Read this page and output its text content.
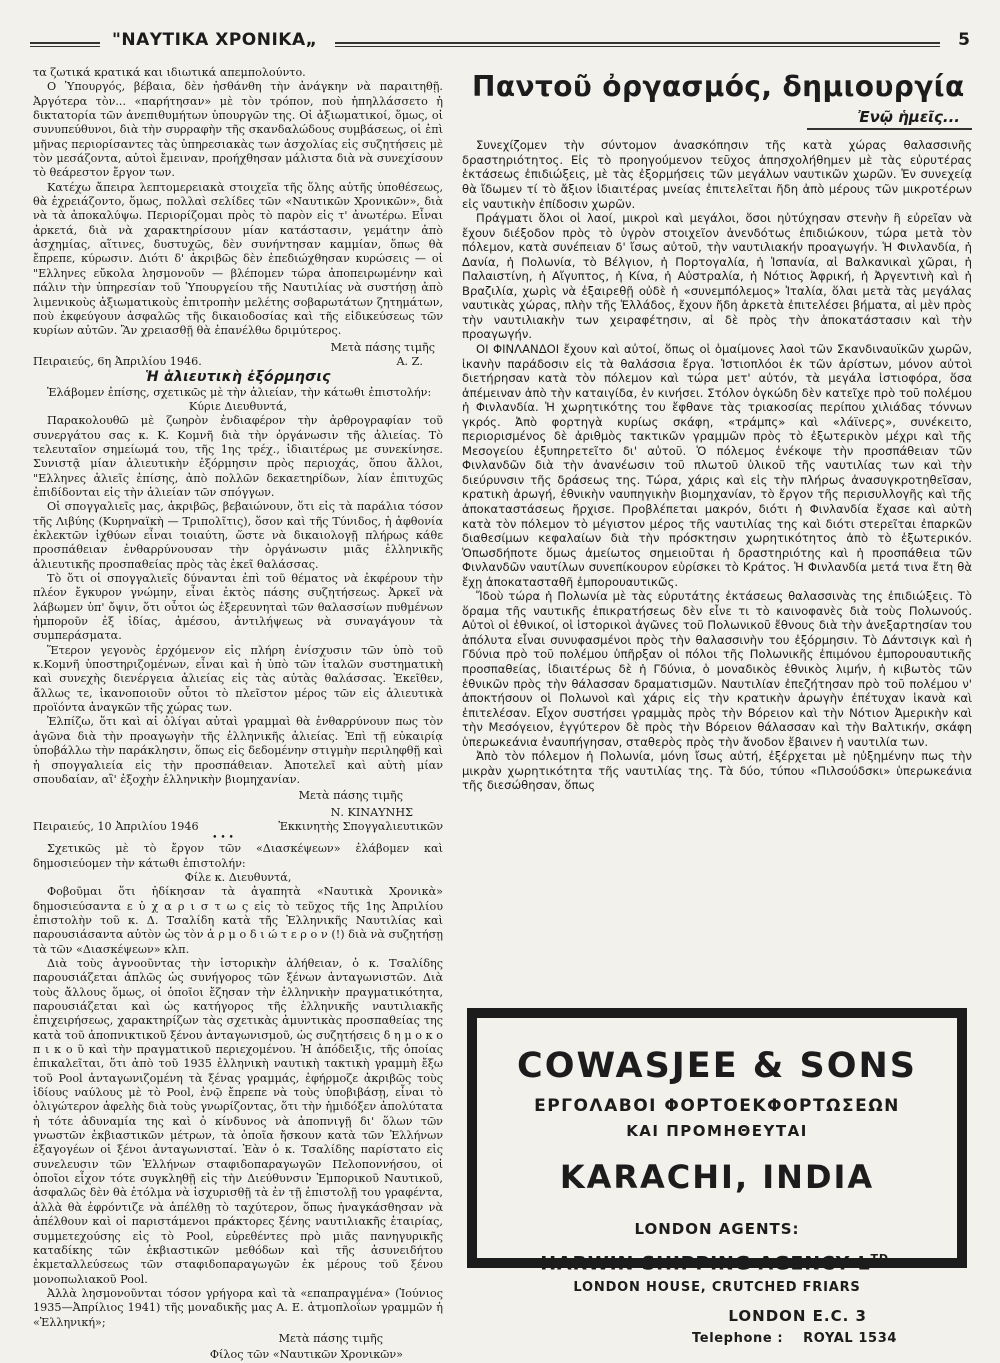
"ΝΑΥΤΙΚΑ ΧΡΟΝΙΚΑ„	5

τα ζωτικά κρατικά και ιδιωτικά απεμπολούντο.

Ο Ὑπουργός, βέβαια, δὲν ἠσθάνθη τὴν ἀνάγκην νὰ παραιτηθῇ. Ἀργότερα τὸν... «παρήτησαν» μὲ τὸν τρόπον, ποὺ ἠπηλλάσσετο ἡ δικτατορία τῶν ἀνεπιθυμήτων ὑπουργῶν της. Οἱ ἀξιωματικοί, ὅμως, οἱ συνυπεύθυνοι, διὰ τὴν συρραφὴν τῆς σκανδαλώδους συμβάσεως, οἱ ἐπὶ μῆνας περιορίσαντες τὰς ὑπηρεσιακὰς των ἀσχολίας εἰς συζητήσεις μὲ τὸν μεσάζοντα, αὐτοὶ ἔμειναν, προήχθησαν μάλιστα διὰ νὰ συνεχίσουν τὸ θεάρεστον ἔργον των.

Κατέχω ἄπειρα λεπτομερειακὰ στοιχεῖα τῆς ὅλης αὐτῆς ὑποθέσεως, θὰ ἐχρειάζοντο, ὅμως, πολλαὶ σελίδες τῶν «Ναυτικῶν Χρονικῶν», διὰ νὰ τὰ ἀποκαλύψω. Περιορίζομαι πρὸς τὸ παρὸν εἰς τ' ἀνωτέρω. Εἶναι ἀρκετά, διὰ νὰ χαρακτηρίσουν μίαν κατάστασιν, γεμάτην ἀπὸ ἀσχημίας, αἵτινες, δυστυχῶς, δὲν συνήντησαν καμμίαν, ὅπως θὰ ἔπρεπε, κύρωσιν. Διότι δ' ἀκριβῶς δὲν ἐπεδιώχθησαν κυρώσεις — οἱ "Ελληνες εὔκολα λησμονοῦν — βλέπομεν τώρα ἀποπειρωμένην καὶ πάλιν τὴν ὑπηρεσίαν τοῦ Ὑπουργείου τῆς Ναυτιλίας νὰ συστήσῃ ἀπὸ λιμενικοὺς ἀξιωματικοὺς ἐπιτροπὴν μελέτης σοβαρωτάτων ζητημάτων, ποὺ ἐκφεύγουν ἀσφαλῶς τῆς δικαιοδοσίας καὶ τῆς εἰδικεύσεως τῶν κυρίων αὐτῶν. Ἂν χρειασθῇ θὰ ἐπανέλθω δριμύτερος.

Μετὰ πάσης τιμῆς
Πειραιεύς, 6η Ἀπριλίου 1946.	Α. Ζ.
Ἡ ἁλιευτικὴ ἐξόρμησις

Ἐλάβομεν ἐπίσης, σχετικῶς μὲ τὴν ἁλιείαν, τὴν κάτωθι ἐπιστολήν:

Κύριε Διευθυντά,

Παρακολουθῶ μὲ ζωηρὸν ἐνδιαφέρον τὴν ἀρθρογραφίαν τοῦ συνεργάτου σας κ. Κ. Κομνῆ διὰ τὴν ὀργάνωσιν τῆς ἁλιείας. Τὸ τελευταῖον σημείωμά του, τῆς 1ης τρέχ., ἰδιαιτέρως με συνεκίνησε. Συνιστᾷ μίαν ἁλιευτικὴν ἐξόρμησιν πρὸς περιοχάς, ὅπου ἄλλοι, "Ελληνες ἁλιεῖς ἐπίσης, ἀπὸ πολλῶν δεκαετηρίδων, λίαν ἐπιτυχῶς ἐπιδίδονται εἰς τὴν ἁλιείαν τῶν σπόγγων.

Οἱ σπογγαλιεῖς μας, ἀκριβῶς, βεβαιώνουν, ὅτι εἰς τὰ παράλια τόσον τῆς Λιβύης (Κυρηναϊκὴ — Τριπολῖτις), ὅσον καὶ τῆς Τύνιδος, ἡ ἀφθονία ἐκλεκτῶν ἰχθύων εἶναι τοιαύτη, ὥστε νὰ δικαιολογῇ πλήρως κάθε προσπάθειαν ἐνθαρρύνουσαν τὴν ὀργάνωσιν μιᾶς ἑλληνικῆς ἁλιευτικῆς προσπαθείας πρὸς τὰς ἐκεῖ θαλάσσας.

Τὸ ὅτι οἱ σπογγαλιεῖς δύνανται ἐπὶ τοῦ θέματος νὰ ἐκφέρουν τὴν πλέον ἔγκυρον γνώμην, εἶναι ἐκτὸς πάσης συζητήσεως. Ἀρκεῖ νὰ λάβωμεν ὑπ' ὄψιν, ὅτι οὗτοι ὡς ἐξερευνηταὶ τῶν θαλασσίων πυθμένων ἠμποροῦν ἐξ ἰδίας, ἀμέσου, ἀντιλήψεως νὰ συναγάγουν τὰ συμπεράσματα.

Ἕτερον γεγονὸς ἐρχόμενον εἰς πλήρη ἐνίσχυσιν τῶν ὑπὸ τοῦ κ.Κομνῆ ὑποστηριζομένων, εἶναι καὶ ἡ ὑπὸ τῶν ἰταλῶν συστηματικὴ καὶ συνεχὴς διενέργεια ἁλιείας εἰς τὰς αὐτὰς θαλάσσας. Ἐκεῖθεν, ἄλλως τε, ἱκανοποιοῦν οὗτοι τὸ πλεῖστον μέρος τῶν εἰς ἁλιευτικὰ προϊόντα ἀναγκῶν τῆς χώρας των.

Ἐλπίζω, ὅτι καὶ αἱ ὀλίγαι αὐταὶ γραμμαὶ θὰ ἐνθαρρύνουν πως τὸν ἀγῶνα διὰ τὴν προαγωγὴν τῆς ἑλληνικῆς ἁλιείας. Ἐπὶ τῇ εὐκαιρίᾳ ὑποβάλλω τὴν παράκλησιν, ὅπως εἰς δεδομένην στιγμὴν περιληφθῇ καὶ ἡ σπογγαλιεία εἰς τὴν προσπάθειαν. Ἀποτελεῖ καὶ αὐτὴ μίαν σπουδαίαν, αἲ' ἐξοχὴν ἑλληνικὴν βιομηχανίαν.

Μετὰ πάσης τιμῆς
Ν. ΚΙΝΑΥΝΗΣ
Πειραιεύς, 10 Ἀπριλίου 1946	Ἐκκινητὴς Σπογγαλιευτικῶν
• • •

Σχετικῶς μὲ τὸ ἔργον τῶν «Διασκέψεων» ἐλάβομεν καὶ δημοσιεύομεν τὴν κάτωθι ἐπιστολήν:

Φίλε κ. Διευθυντά,

Φοβοῦμαι ὅτι ἠδίκησαν τὰ ἀγαπητὰ «Ναυτικὰ Χρονικὰ» δημοσιεύσαντα ε ὐ χ α ρ ι σ τ ω ς εἰς τὸ τεῦχος τῆς 1ης Ἀπριλίου ἐπιστολὴν τοῦ κ. Δ. Τσαλίδη κατὰ τῆς Ἑλληνικῆς Ναυτιλίας καὶ παρουσιάσαντα αὐτὸν ὡς τὸν ἁ ρ μ ο δ ι ώ τ ε ρ ο ν (!) διὰ νὰ συζητήσῃ τὰ τῶν «Διασκέψεων» κλπ.

Διὰ τοὺς ἀγνοοῦντας τὴν ἱστορικὴν ἀλήθειαν, ὁ κ. Τσαλίδης παρουσιάζεται ἁπλῶς ὡς συνήγορος τῶν ξένων ἀνταγωνιστῶν. Διὰ τοὺς ἄλλους ὅμως, οἱ ὁποῖοι ἔζησαν τὴν ἑλληνικὴν πραγματικότητα, παρουσιάζεται καὶ ὡς κατήγορος τῆς ἑλληνικῆς ναυτιλιακῆς ἐπιχειρήσεως, χαρακτηρίζων τὰς σχετικὰς ἀμυντικὰς προσπαθείας της κατὰ τοῦ ἀποπνικτικοῦ ξένου ἀνταγωνισμοῦ, ὡς συζητήσεις δ η μ ο κ ο π ι κ ο ῦ καὶ τὴν πραγματικοῦ περιεχομένου. Ἡ ἀπόδειξις, τῆς ὁποίας ἐπικαλεῖται, ὅτι ἀπὸ τοῦ 1935 ἑλληνικὴ ναυτικὴ τακτικὴ γραμμὴ ἔξω τοῦ Pool ἀνταγωνιζομένη τὰ ξένας γραμμάς, ἐφήρμοζε ἀκριβῶς τοὺς ἰδίους ναύλους μὲ τὸ Pool, ἐνῷ ἔπρεπε νὰ τοὺς ὑποβιβάσῃ, εἶναι τὸ ὀλιγώτερον ἀφελὴς διὰ τοὺς γνωρίζοντας, ὅτι τὴν ἡμιδόξεν ἀπολύτατα ἡ τότε ἀδυναμία της καὶ ὁ κίνδυνος νὰ ἀποπνιγῇ δι' ὅλων τῶν γνωστῶν ἐκβιαστικῶν μέτρων, τὰ ὁποῖα ἤσκουν κατὰ τῶν Ἑλλήνων ἐξαγογέων οἱ ξένοι ἀνταγωνισταί. Ἐὰν ὁ κ. Τσαλίδης παρίστατο εἰς συνελευσιν τῶν Ἑλλήνων σταφιδοπαραγωγῶν Πελοποννήσου, οἱ ὁποῖοι εἶχον τότε συγκληθῇ εἰς τὴν Διεύθυνσιν Ἐμπορικοῦ Ναυτικοῦ, ἀσφαλῶς δὲν θὰ ἐτόλμα νὰ ἰσχυρισθῇ τὰ ἐν τῇ ἐπιστολῇ του γραφέντα, ἀλλὰ θὰ ἐφρόντιζε νὰ ἀπέλθῃ τὸ ταχύτερον, ὅπως ἠναγκάσθησαν νὰ ἀπέλθουν καὶ οἱ παριστάμενοι πράκτορες ξένης ναυτιλιακῆς ἑταιρίας, συμμετεχούσης εἰς τὸ Pool, εὑρεθέντες πρὸ μιᾶς πανηγυρικῆς καταδίκης τῶν ἐκβιαστικῶν μεθόδων καὶ τῆς ἀσυνειδήτου ἐκμεταλλεύσεως τῶν σταφιδοπαραγωγῶν ἐκ μέρους τοῦ ξένου μονοπωλιακοῦ Pool.

Ἀλλὰ λησμονοῦνται τόσον γρήγορα καὶ τὰ «επαπραγμένα» (Ἰούνιος 1935—Ἀπρίλιος 1941) τῆς μοναδικῆς μας Α. Ε. ἀτμοπλοΐων γραμμῶν ἡ «Ἑλληνική»;

Μετὰ πάσης τιμῆς
Φίλος τῶν «Ναυτικῶν Χρονικῶν»
Παντοῦ ὀργασμός, δημιουργία
Ἐνῷ ἡμεῖς...

Συνεχίζομεν τὴν σύντομον ἀνασκόπησιν τῆς κατὰ χώρας θαλασσινῆς δραστηριότητος. Εἰς τὸ προηγούμενον τεῦχος ἀπησχολήθημεν μὲ τὰς εὐρυτέρας ἐκτάσεως ἐπιδιώξεις, μὲ τὰς ἐξορμήσεις τῶν μεγάλων ναυτικῶν χωρῶν. Ἐν συνεχείᾳ θὰ ἴδωμεν τί τὸ ἄξιον ἰδιαιτέρας μνείας ἐπιτελεῖται ἤδη ἀπὸ μέρους τῶν μικροτέρων εἰς ναυτικὴν ἐπίδοσιν χωρῶν.

Πράγματι ὅλοι οἱ λαοί, μικροὶ καὶ μεγάλοι, ὅσοι ηὐτύχησαν στενὴν ἢ εὐρεῖαν νὰ ἔχουν διέξοδον πρὸς τὸ ὑγρὸν στοιχεῖον ἀνενδότως ἐπιδιώκουν, τώρα μετὰ τὸν πόλεμον, κατὰ συνέπειαν δ' ἴσως αὐτοῦ, τὴν ναυτιλιακήν προαγωγήν. Ἡ Φινλανδία, ἡ Δανία, ἡ Πολωνία, τὸ Βέλγιον, ἡ Πορτογαλία, ἡ Ἱσπανία, αἱ Βαλκανικαὶ χῶραι, ἡ Παλαιστίνη, ἡ Αἴγυπτος, ἡ Κίνα, ἡ Αὐστραλία, ἡ Νότιος Ἀφρική, ἡ Ἀργεντινὴ καὶ ἡ Βραζιλία, χωρὶς νὰ ἐξαιρεθῇ οὐδὲ ἡ «συνεμπόλεμος» Ἰταλία, ὅλαι μετὰ τὰς μεγάλας ναυτικὰς χώρας, πλὴν τῆς Ἑλλάδος, ἔχουν ἤδη ἀρκετὰ ἐπιτελέσει βήματα, αἱ μὲν πρὸς τὴν ναυτιλιακὴν των χειραφέτησιν, αἱ δὲ πρὸς τὴν ἀποκατάστασιν καὶ τὴν προαγωγήν.

ΟΙ ΦΙΝΛΑΝΔΟΙ ἔχουν καὶ αὐτοί, ὅπως οἱ ὁμαίμονες λαοὶ τῶν Σκανδιναυϊκῶν χωρῶν, ἱκανὴν παράδοσιν εἰς τὰ θαλάσσια ἔργα. Ἱστιοπλόοι ἐκ τῶν ἀρίστων, μόνον αὐτοὶ διετήρησαν κατὰ τὸν πόλεμον καὶ τώρα μετ' αὐτόν, τὰ μεγάλα ἱστιοφόρα, ὅσα ἀπέμειναν ἀπὸ τὴν καταιγίδα, ἐν κινήσει. Στόλον ὀγκώδη δὲν κατεῖχε πρὸ τοῦ πολέμου ἡ Φινλανδία. Ἡ χωρητικότης του ἔφθανε τὰς τριακοσίας περίπου χιλιάδας τόννων γκρός. Ἀπὸ φορτηγὰ κυρίως σκάφη, «τράμπς» καὶ «λάϊνερς», συνέκειτο, περιορισμένος δὲ ἀριθμὸς τακτικῶν γραμμῶν πρὸς τὸ ἐξωτερικὸν μέχρι καὶ τῆς Μεσογείου ἐξυπηρετεῖτο δι' αὐτοῦ. Ὁ πόλεμος ἐνέκοψε τὴν προσπάθειαν τῶν Φινλανδῶν διὰ τὴν ἀνανέωσιν τοῦ πλωτοῦ ὑλικοῦ τῆς ναυτιλίας των καὶ τὴν διεύρυνσιν τῆς δράσεως της. Τώρα, χάρις καὶ εἰς τὴν πλήρως ἀνασυγκροτηθεῖσαν, κρατικὴ ἀρωγή, ἐθνικὴν ναυπηγικὴν βιομηχανίαν, τὸ ἔργον τῆς περισυλλογῆς καὶ τῆς ἀποκαταστάσεως ἤρχισε. Προβλέπεται μακρόν, διότι ἡ Φινλανδία ἔχασε καὶ αὐτὴ κατὰ τὸν πόλεμον τὸ μέγιστον μέρος τῆς ναυτιλίας της καὶ διότι στερεῖται ἐπαρκῶν διαθεσίμων κεφαλαίων διὰ τὴν πρόσκτησιν χωρητικότητος ἀπὸ τὸ ἐξωτερικόν. Ὁπωσδήποτε ὅμως ἀμείωτος σημειοῦται ἡ δραστηριότης καὶ ἡ προσπάθεια τῶν Φινλανδῶν ναυτίλων συνεπίκουρον εὑρίσκει τὸ Κράτος. Ἡ Φινλανδία μετά τινα ἔτη θὰ ἔχῃ ἀποκατασταθῆ ἐμπορουαυτικῶς.

Ἴδοὺ τώρα ἡ Πολωνία μὲ τὰς εὐρυτάτης ἐκτάσεως θαλασσινὰς της ἐπιδιώξεις. Τὸ ὅραμα τῆς ναυτικῆς ἐπικρατήσεως δὲν εἶνε τι τὸ καινοφανὲς διὰ τοὺς Πολωνούς. Αὐτοὶ οἱ ἐθνικοί, οἱ ἱστορικοὶ ἀγῶνες τοῦ Πολωνικοῦ ἔθνους διὰ τὴν ἀνεξαρτησίαν του ἀπόλυτα εἶναι συνυφασμένοι πρὸς τὴν θαλασσινὴν του ἐξόρμησιν. Τὸ Δάντσιγκ καὶ ἡ Γδύνια πρὸ τοῦ πολέμου ὑπῆρξαν οἱ πόλοι τῆς Πολωνικῆς ἐπιμόνου ἐμπορουαυτικῆς προσπαθείας, ἰδιαιτέρως δὲ ἡ Γδύνια, ὁ μοναδικὸς ἐθνικὸς λιμήν, ἡ κιβωτὸς τῶν ἐθνικῶν πρὸς τὴν θάλασσαν δραματισμῶν. Ναυτιλίαν ἐπεζήτησαν πρὸ τοῦ πολέμου ν' ἀποκτήσουν οἱ Πολωνοὶ καὶ χάρις εἰς τὴν κρατικὴν ἀρωγὴν ἐπέτυχαν ἱκανὰ καὶ ἐπιτελέσαν. Εἶχον συστήσει γραμμὰς πρὸς τὴν Βόρειον καὶ τὴν Νότιον Ἀμερικὴν καὶ τὴν Μεσόγειον, ἐγγύτερον δὲ πρὸς τὴν Βόρειον θάλασσαν καὶ τὴν Βαλτικήν, σκάφη ὑπερωκεάνια ἐναυπήγησαν, σταθερὸς πρὸς τὴν ἄνοδον ἔβαινεν ἡ ναυτιλία των.

Ἀπὸ τὸν πόλεμον ἡ Πολωνία, μόνη ἴσως αὐτή, ἐξέρχεται μὲ ηὐξημένην πως τὴν μικρὰν χωρητικότητα τῆς ναυτιλίας της. Τὰ δύο, τύπου «Πιλσούδσκι» ὑπερωκεάνια τῆς διεσώθησαν, ὅπως

COWASJEE & SONS
ΕΡΓΟΛΑΒΟΙ ΦΟΡΤΟΕΚΦΟΡΤΩΣΕΩΝ
ΚΑΙ ΠΡΟΜΗΘΕΥΤΑΙ
KARACHI, INDIA
LONDON AGENTS:
HARWIN SHIPPING AGENCY $L^{TD.}$
LONDON HOUSE, CRUTCHED FRIARS
LONDON E.C. 3
Telephone : ROYAL 1534
